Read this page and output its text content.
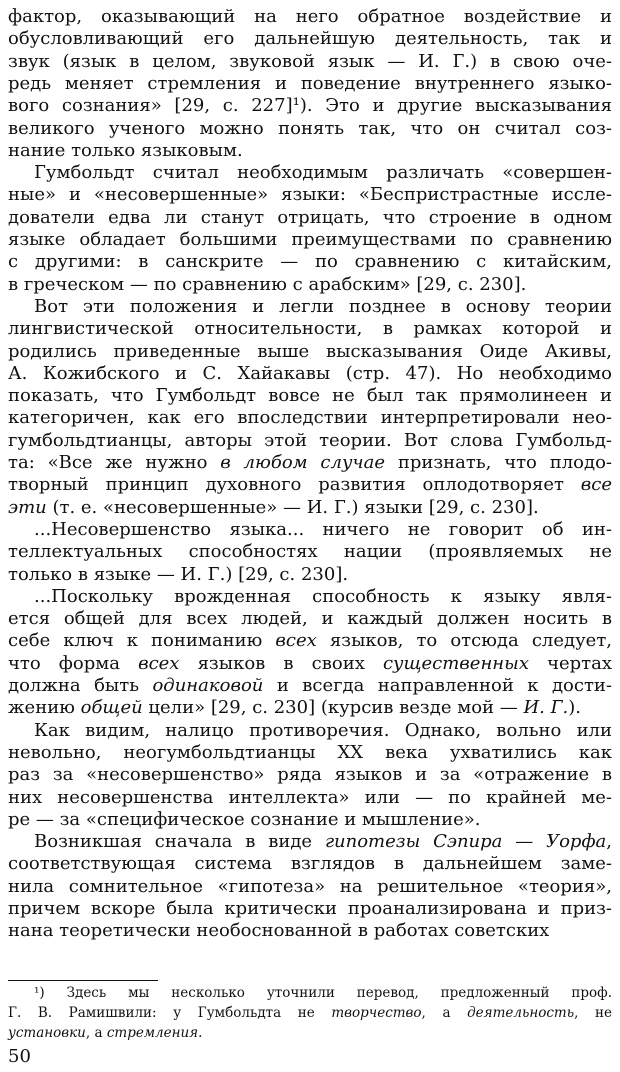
фактор, оказывающий на него обратное воздействие и
обусловливающий его дальнейшую деятельность, так и
звук (язык в целом, звуковой язык — И. Г.) в свою оче-
редь меняет стремления и поведение внутреннего языко-
вого сознания» [29, с. 227]¹). Это и другие высказывания
великого ученого можно понять так, что он считал соз-
нание только языковым.
Гумбольдт считал необходимым различать «совершен-
ные» и «несовершенные» языки: «Беспристрастные иссле-
дователи едва ли станут отрицать, что строение в одном
языке обладает большими преимуществами по сравнению
с другими: в санскрите — по сравнению с китайским,
в греческом — по сравнению с арабским» [29, с. 230].
Вот эти положения и легли позднее в основу теории
лингвистической относительности, в рамках которой и
родились приведенные выше высказывания Оиде Акивы,
А. Кожибского и С. Хайакавы (стр. 47). Но необходимо
показать, что Гумбольдт вовсе не был так прямолинеен и
категоричен, как его впоследствии интерпретировали нео-
гумбольдтианцы, авторы этой теории. Вот слова Гумбольд-
та: «Все же нужно в любом случае признать, что плодо-
творный принцип духовного развития оплодотворяет все
эти (т. е. «несовершенные» — И. Г.) языки [29, с. 230].
...Несовершенство языка... ничего не говорит об ин-
теллектуальных способностях нации (проявляемых не
только в языке — И. Г.) [29, с. 230].
...Поскольку врожденная способность к языку явля-
ется общей для всех людей, и каждый должен носить в
себе ключ к пониманию всех языков, то отсюда следует,
что форма всех языков в своих существенных чертах
должна быть одинаковой и всегда направленной к дости-
жению общей цели» [29, с. 230] (курсив везде мой — И. Г.).
Как видим, налицо противоречия. Однако, вольно или
невольно, неогумбольдтианцы XX века ухватились как
раз за «несовершенство» ряда языков и за «отражение в
них несовершенства интеллекта» или — по крайней ме-
ре — за «специфическое сознание и мышление».
Возникшая сначала в виде гипотезы Сэпира — Уорфа,
соответствующая система взглядов в дальнейшем заме-
нила сомнительное «гипотеза» на решительное «теория»,
причем вскоре была критически проанализирована и приз-
нана теоретически необоснованной в работах советских
¹) Здесь мы несколько уточнили перевод, предложенный проф.
Г. В. Рамишвили: у Гумбольдта не творчество, а деятельность, не
установки, а стремления.
50
